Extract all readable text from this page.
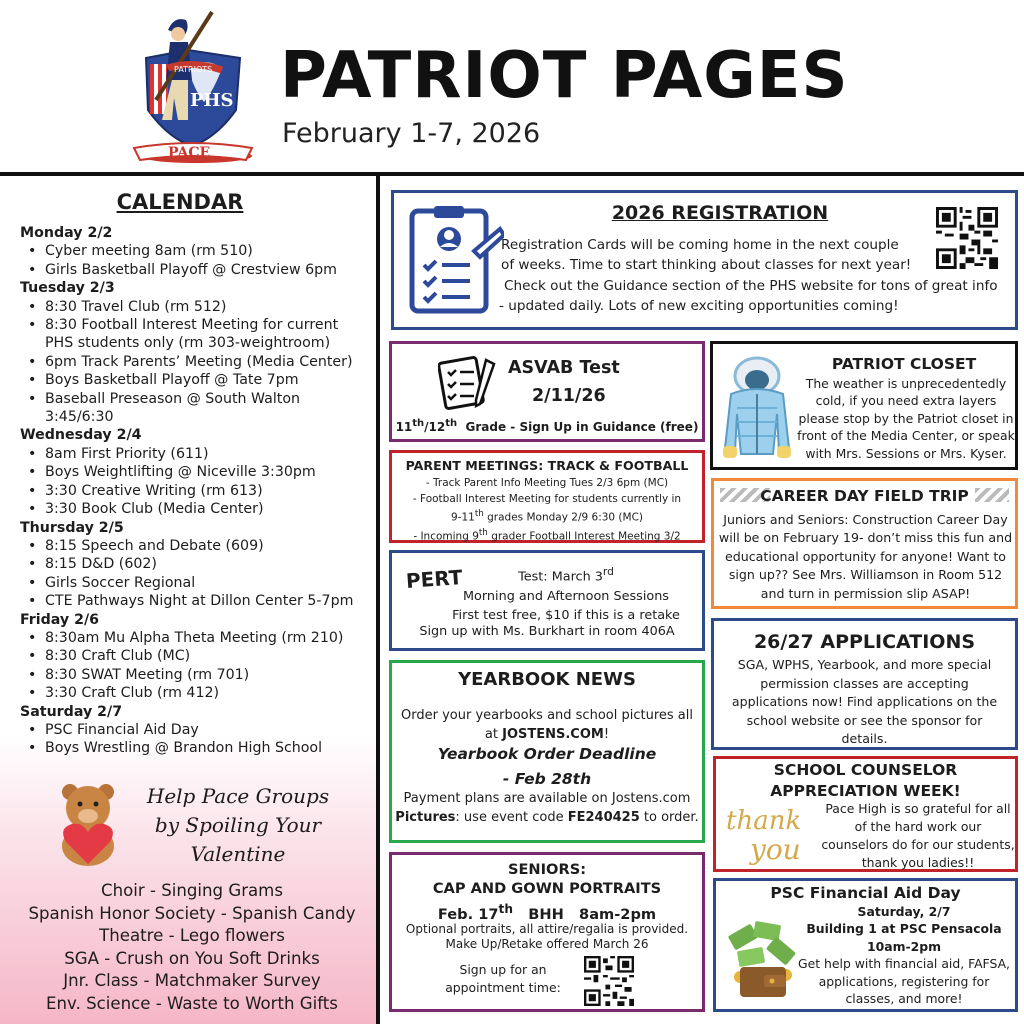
PATRIOTS
PHS
PACE
PATRIOT PAGES
February 1-7, 2026
CALENDAR
Monday 2/2
• Cyber meeting 8am (rm 510)
• Girls Basketball Playoff @ Crestview 6pm
Tuesday 2/3
• 8:30 Travel Club (rm 512)
• 8:30 Football Interest Meeting for current PHS students only (rm 303-weightroom)
• 6pm Track Parents’ Meeting (Media Center)
• Boys Basketball Playoff @ Tate 7pm
• Baseball Preseason @ South Walton 3:45/6:30
Wednesday 2/4
• 8am First Priority (611)
• Boys Weightlifting @ Niceville 3:30pm
• 3:30 Creative Writing (rm 613)
• 3:30 Book Club (Media Center)
Thursday 2/5
• 8:15 Speech and Debate (609)
• 8:15 D&D (602)
• Girls Soccer Regional
• CTE Pathways Night at Dillon Center 5-7pm
Friday 2/6
• 8:30am Mu Alpha Theta Meeting (rm 210)
• 8:30 Craft Club (MC)
• 8:30 SWAT Meeting (rm 701)
• 3:30 Craft Club (rm 412)
Saturday 2/7
• PSC Financial Aid Day
• Boys Wrestling @ Brandon High School
Help Pace Groups
by Spoiling Your
Valentine
Choir - Singing Grams
Spanish Honor Society - Spanish Candy
Theatre - Lego flowers
SGA - Crush on You Soft Drinks
Jnr. Class - Matchmaker Survey
Env. Science - Waste to Worth Gifts
2026 REGISTRATION
Registration Cards will be coming home in the next couple
of weeks. Time to start thinking about classes for next year!
Check out the Guidance section of the PHS website for tons of great info
- updated daily. Lots of new exciting opportunities coming!
ASVAB Test
2/11/26
11th/12th Grade - Sign Up in Guidance (free)
PATRIOT CLOSET
The weather is unprecedentedly cold, if you need extra layers please stop by the Patriot closet in front of the Media Center, or speak with Mrs. Sessions or Mrs. Kyser.
PARENT MEETINGS: TRACK & FOOTBALL
- Track Parent Info Meeting Tues 2/3 6pm (MC)
- Football Interest Meeting for students currently in
9-11th grades Monday 2/9 6:30 (MC)
- Incoming 9th grader Football Interest Meeting 3/2
PERT	Test: March 3rd
Morning and Afternoon Sessions
First test free, $10 if this is a retake
Sign up with Ms. Burkhart in room 406A
CAREER DAY FIELD TRIP
Juniors and Seniors: Construction Career Day will be on February 19- don’t miss this fun and educational opportunity for anyone! Want to sign up?? See Mrs. Williamson in Room 512 and turn in permission slip ASAP!
26/27 APPLICATIONS
SGA, WPHS, Yearbook, and more special permission classes are accepting applications now! Find applications on the school website or see the sponsor for details.
YEARBOOK NEWS
Order your yearbooks and school pictures all
at JOSTENS.COM!
Yearbook Order Deadline
- Feb 28th
Payment plans are available on Jostens.com
Pictures: use event code FE240425 to order.
SCHOOL COUNSELOR APPRECIATION WEEK!
thank
you
Pace High is so grateful for all of the hard work our counselors do for our students, thank you ladies!!
SENIORS:
CAP AND GOWN PORTRAITS
Feb. 17th   BHH   8am-2pm
Optional portraits, all attire/regalia is provided.
Make Up/Retake offered March 26
Sign up for an appointment time:
PSC Financial Aid Day
Saturday, 2/7
Building 1 at PSC Pensacola
10am-2pm
Get help with financial aid, FAFSA, applications, registering for classes, and more!
